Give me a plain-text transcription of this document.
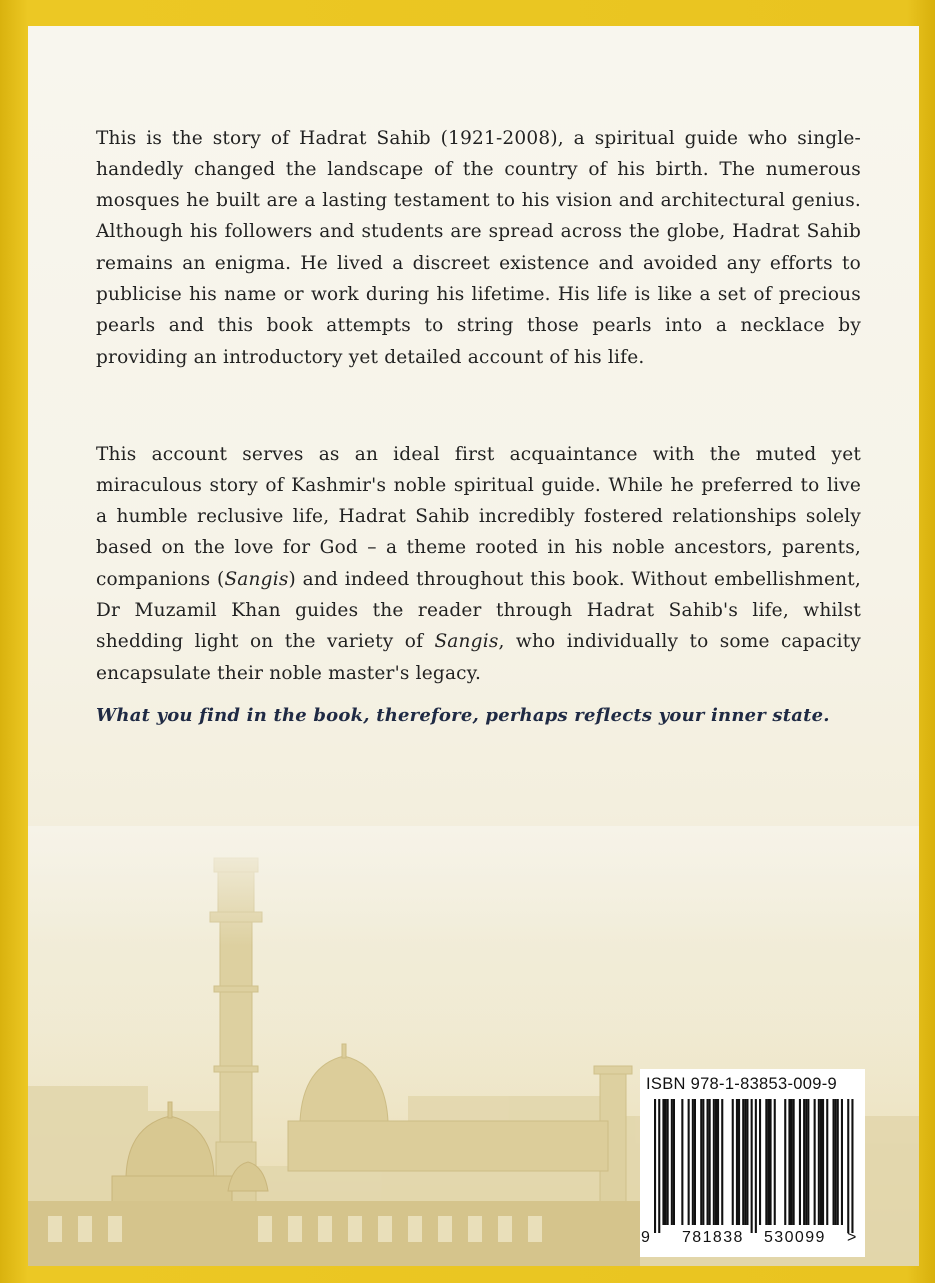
This is the story of Hadrat Sahib (1921-2008), a spiritual guide who single-handedly changed the landscape of the country of his birth. The numerous mosques he built are a lasting testament to his vision and architectural genius. Although his followers and students are spread across the globe, Hadrat Sahib remains an enigma. He lived a discreet existence and avoided any efforts to publicise his name or work during his lifetime. His life is like a set of precious pearls and this book attempts to string those pearls into a necklace by providing an introductory yet detailed account of his life.

This account serves as an ideal first acquaintance with the muted yet miraculous story of Kashmir's noble spiritual guide. While he preferred to live a humble reclusive life, Hadrat Sahib incredibly fostered relationships solely based on the love for God – a theme rooted in his noble ancestors, parents, companions (Sangis) and indeed throughout this book. Without embellishment, Dr Muzamil Khan guides the reader through Hadrat Sahib's life, whilst shedding light on the variety of Sangis, who individually to some capacity encapsulate their noble master's legacy.

What you find in the book, therefore, perhaps reflects your inner state.
ISBN 978-1-83853-009-9
9 781838 530099 >
